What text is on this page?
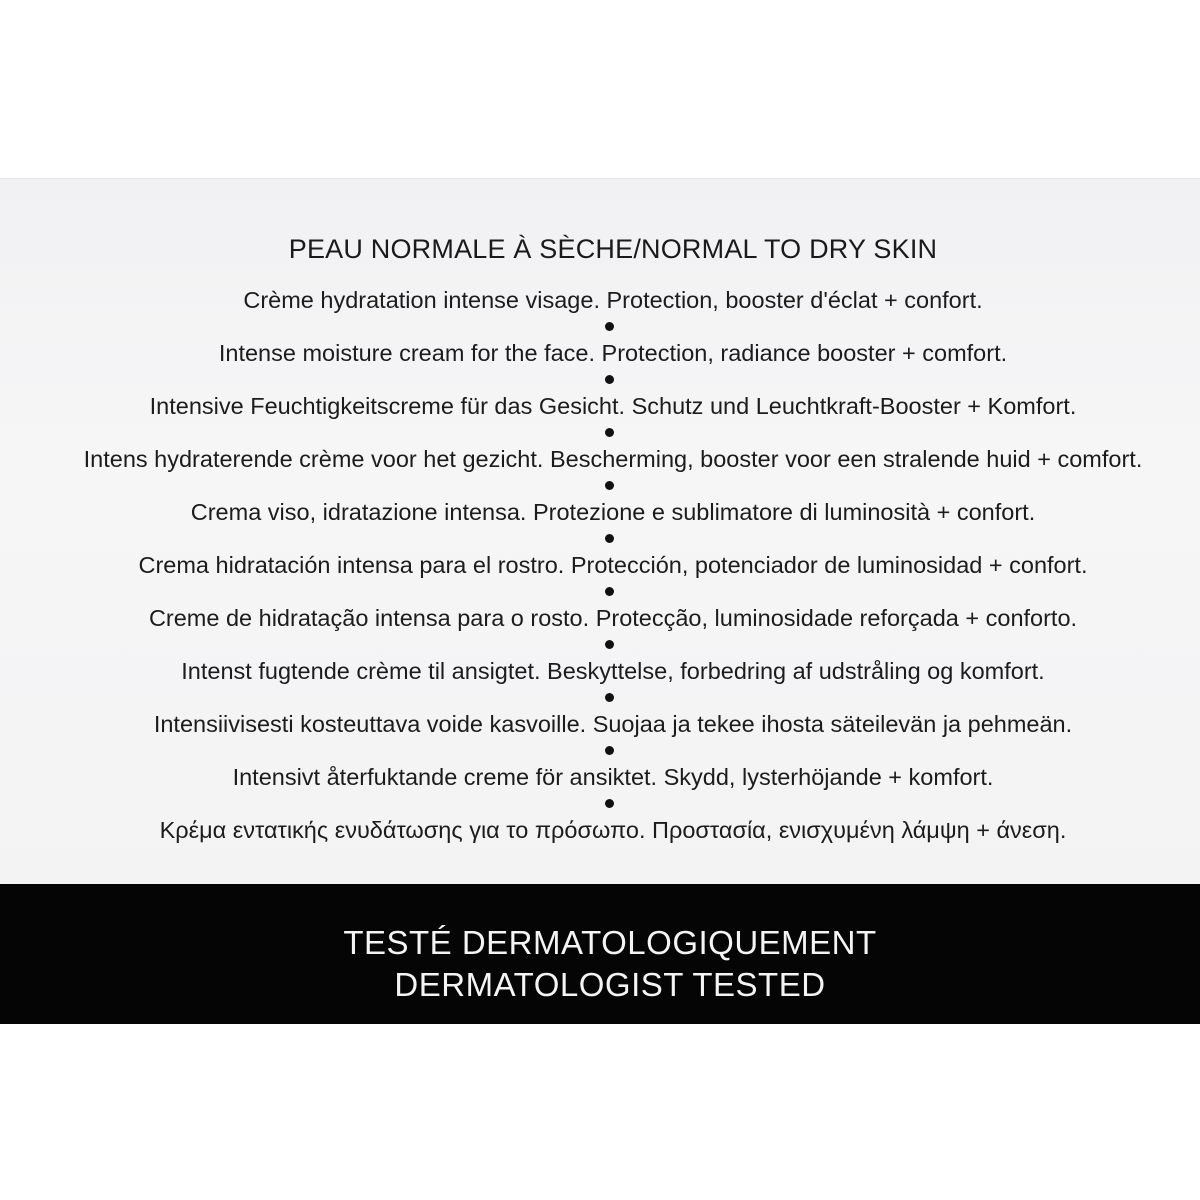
PEAU NORMALE À SÈCHE/NORMAL TO DRY SKIN
Crème hydratation intense visage. Protection, booster d'éclat + confort.
Intense moisture cream for the face. Protection, radiance booster + comfort.
Intensive Feuchtigkeitscreme für das Gesicht. Schutz und Leuchtkraft-Booster + Komfort.
Intens hydraterende crème voor het gezicht. Bescherming, booster voor een stralende huid + comfort.
Crema viso, idratazione intensa. Protezione e sublimatore di luminosità + confort.
Crema hidratación intensa para el rostro. Protección, potenciador de luminosidad + confort.
Creme de hidratação intensa para o rosto. Protecção, luminosidade reforçada + conforto.
Intenst fugtende crème til ansigtet. Beskyttelse, forbedring af udstråling og komfort.
Intensiivisesti kosteuttava voide kasvoille. Suojaa ja tekee ihosta säteilevän ja pehmeän.
Intensivt återfuktande creme för ansiktet. Skydd, lysterhöjande + komfort.
Κρέμα εντατικής ενυδάτωσης για το πρόσωπο. Προστασία, ενισχυμένη λάμψη + άνεση.
TESTÉ DERMATOLOGIQUEMENT
DERMATOLOGIST TESTED
